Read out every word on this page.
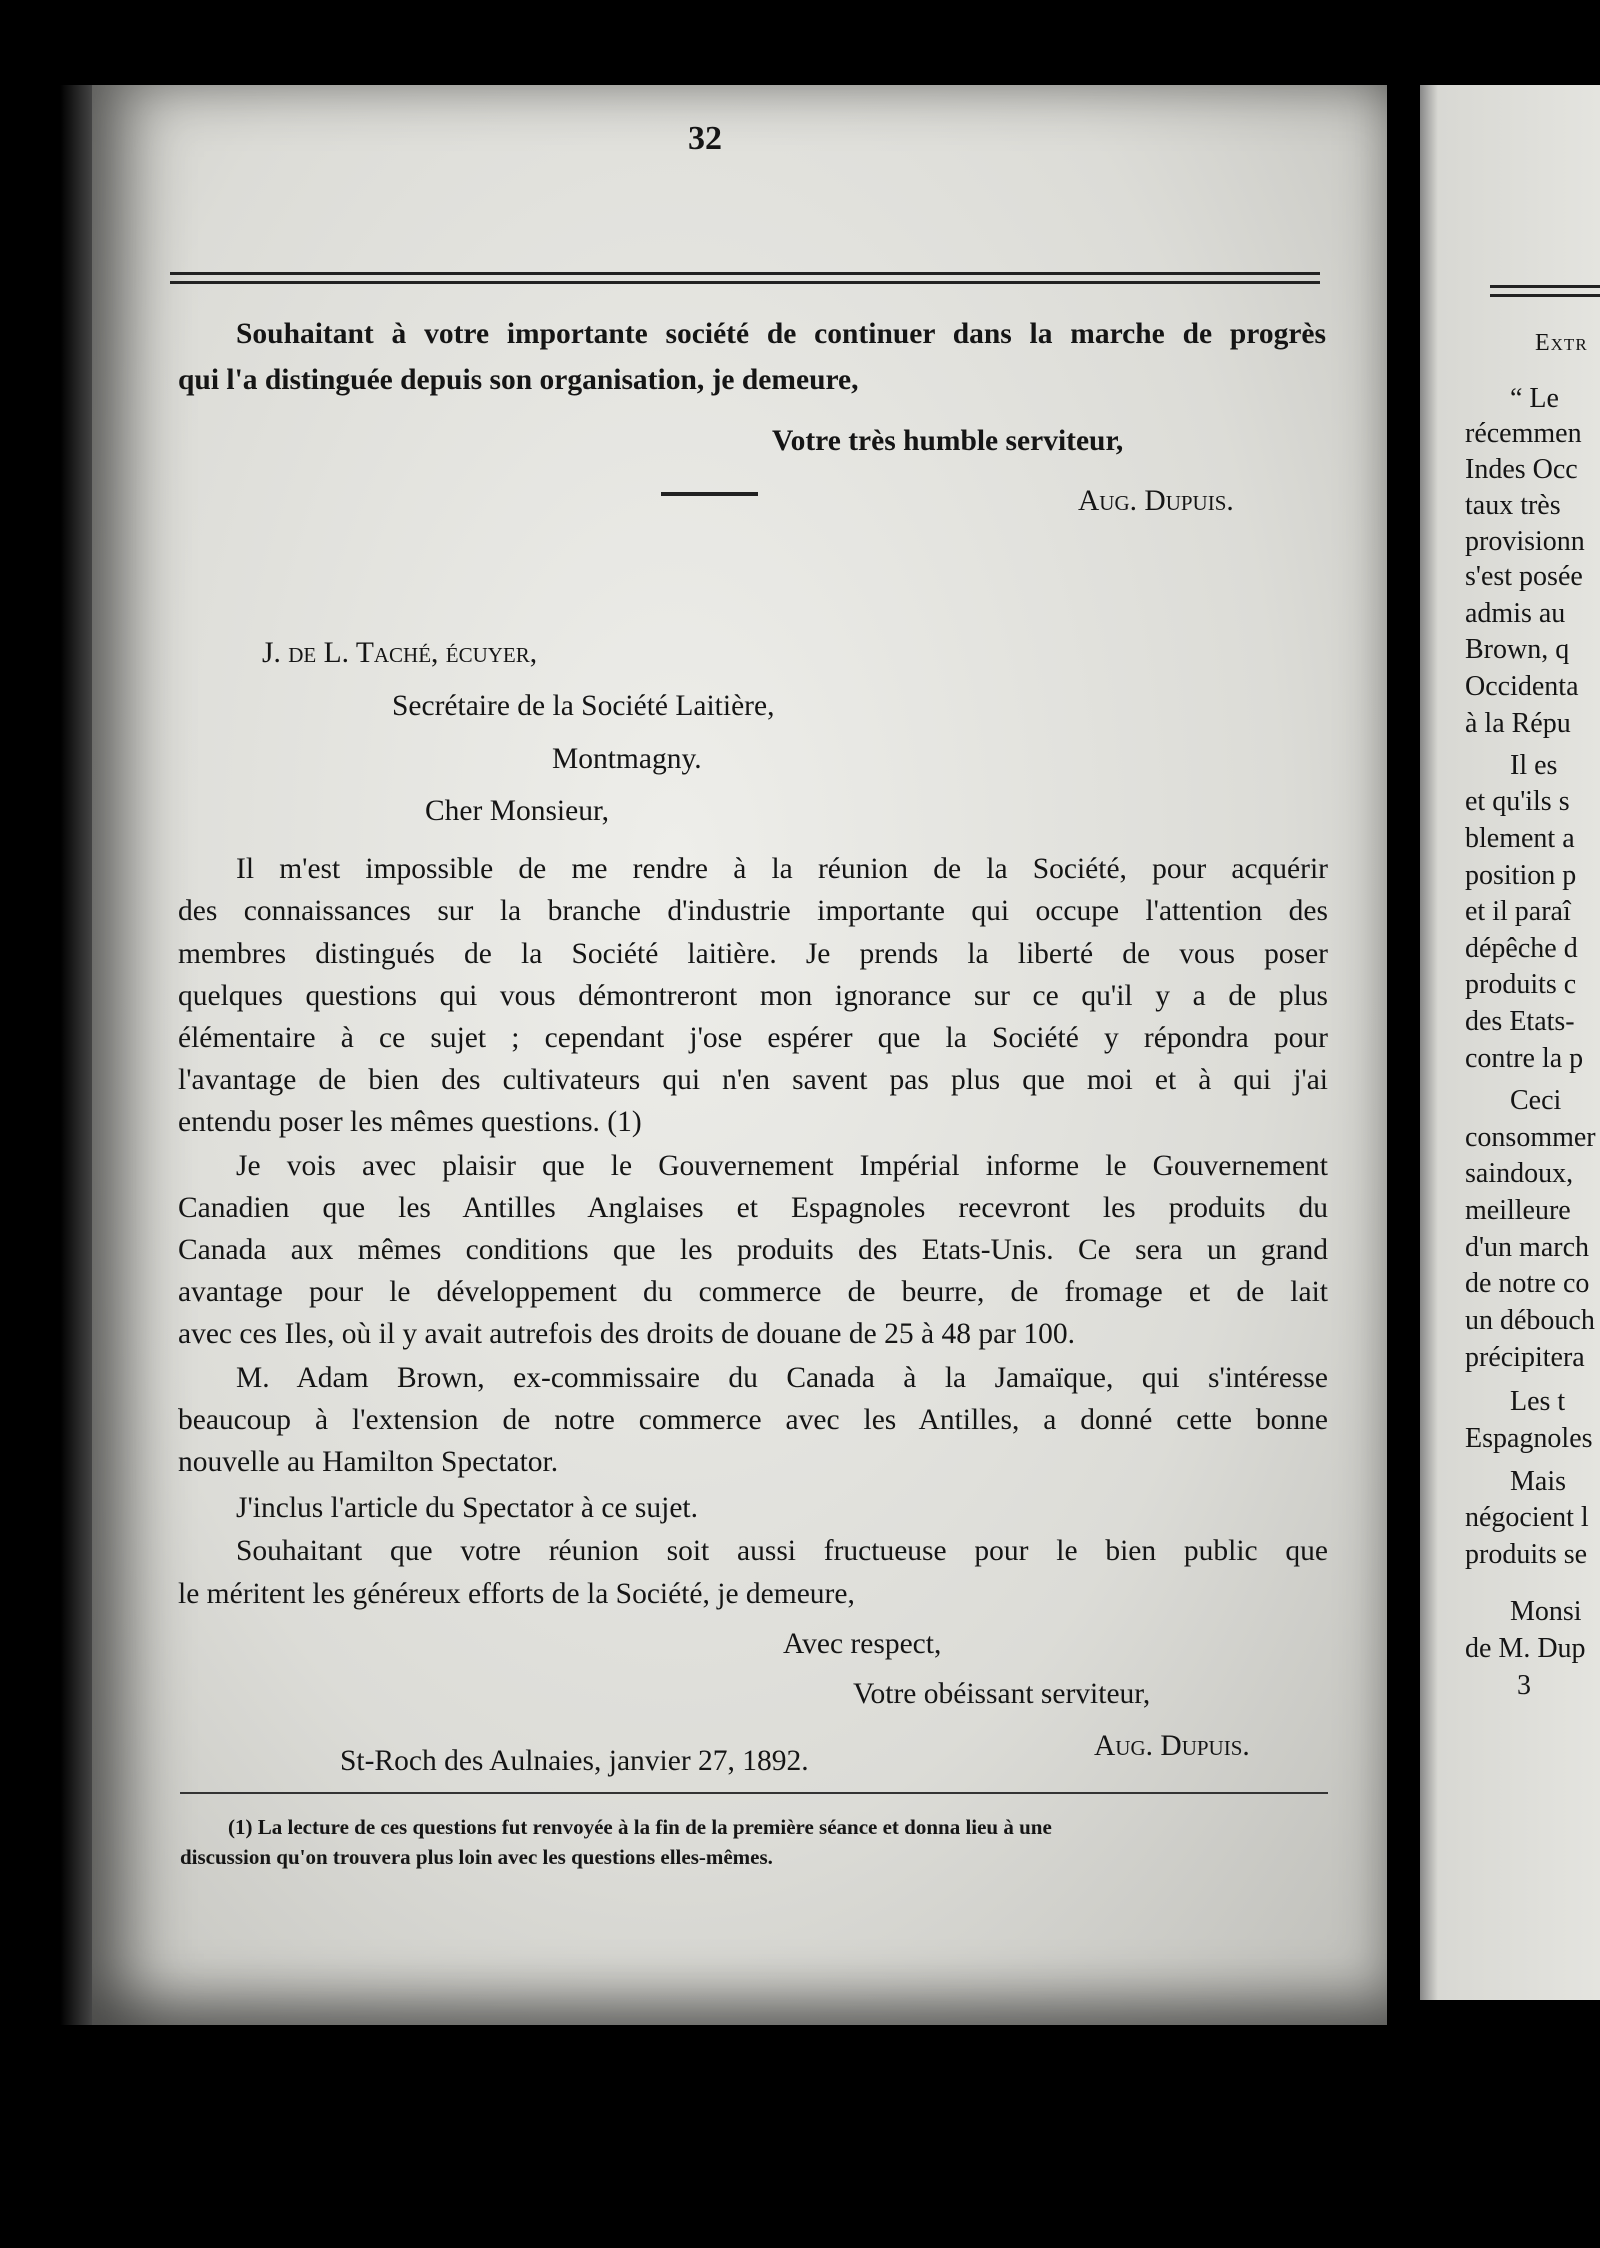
32
Souhaitant à votre importante société de continuer dans la marche de progrès
qui l'a distinguée depuis son organisation, je demeure,
Votre très humble serviteur,
Aug. Dupuis.
J. de L. Taché, écuyer,
Secrétaire de la Société Laitière,
Montmagny.
Cher Monsieur,
Il m'est impossible de me rendre à la réunion de la Société, pour acquérir
des connaissances sur la branche d'industrie importante qui occupe l'attention des
membres distingués de la Société laitière. Je prends la liberté de vous poser
quelques questions qui vous démontreront mon ignorance sur ce qu'il y a de plus
élémentaire à ce sujet ; cependant j'ose espérer que la Société y répondra pour
l'avantage de bien des cultivateurs qui n'en savent pas plus que moi et à qui j'ai
entendu poser les mêmes questions. (1)
Je vois avec plaisir que le Gouvernement Impérial informe le Gouvernement
Canadien que les Antilles Anglaises et Espagnoles recevront les produits du
Canada aux mêmes conditions que les produits des Etats-Unis. Ce sera un grand
avantage pour le développement du commerce de beurre, de fromage et de lait
avec ces Iles, où il y avait autrefois des droits de douane de 25 à 48 par 100.
M. Adam Brown, ex-commissaire du Canada à la Jamaïque, qui s'intéresse
beaucoup à l'extension de notre commerce avec les Antilles, a donné cette bonne
nouvelle au Hamilton Spectator.
J'inclus l'article du Spectator à ce sujet.
Souhaitant que votre réunion soit aussi fructueuse pour le bien public que
le méritent les généreux efforts de la Société, je demeure,
Avec respect,
Votre obéissant serviteur,
Aug. Dupuis.
St-Roch des Aulnaies, janvier 27, 1892.
(1) La lecture de ces questions fut renvoyée à la fin de la première séance et donna lieu à une
discussion qu'on trouvera plus loin avec les questions elles-mêmes.
Extr
“ Le
récemmen
Indes Occ
taux très
provisionn
s'est posée
admis au
Brown, q
Occidenta
à la Répu
Il es
et qu'ils s
blement a
position p
et il paraî
dépêche d
produits c
des Etats-
contre la p
Ceci
consommer
saindoux,
meilleure
d'un march
de notre co
un débouch
précipitera
Les t
Espagnoles
Mais
négocient l
produits se
Monsi
de M. Dup
3
